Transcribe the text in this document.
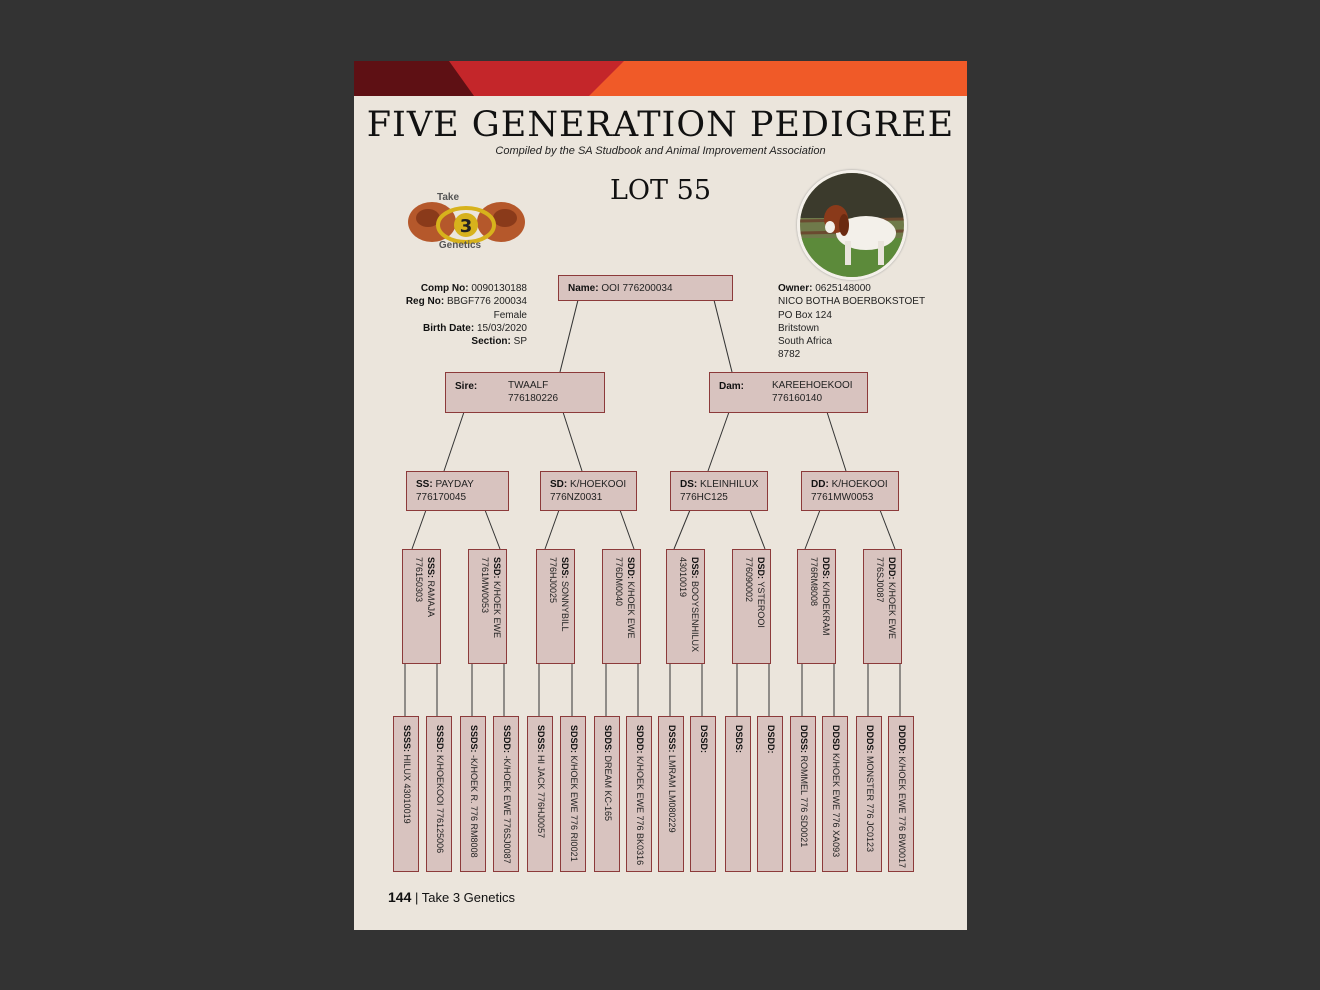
FIVE GENERATION PEDIGREE
Compiled by the SA Studbook and Animal Improvement Association
LOT 55
3
Take
Genetics
Comp No: 0090130188
Reg No: BBGF776 200034
Female
Birth Date: 15/03/2020
Section: SP
Owner: 0625148000
NICO BOTHA BOERBOKSTOET
PO Box 124
Britstown
South Africa
8782
Name: OOI 776200034
Sire:	TWAALF
776180226
Dam:	KAREEHOEKOOI
776160140
SS: PAYDAY
776170045
SD: K/HOEKOOI
776NZ0031
DS: KLEINHILUX
776HC125
DD: K/HOEKOOI
7761MW0053
SSS: RAMAJA
776150303	SSD: K/HOEK EWE
7761MW0053	SDS: SONNYBILL
776HJ0025	SDD: K/HOEK EWE
776DM0040	DSS: BOOYSENHILUX
43010019	DSD: YSTEROOI
776090002	DDS: K/HOEKRAM
776RM8008	DDD: K/HOEK EWE
776SJ0087
SSSS: HILUX 43010019
SSSD: K/HOEKOOI 776125006
SSDS: -K/HOEK R. 776 RM8008
SSDD: -K/HOEK EWE 776SJ0087
SDSS: HI JACK 776HJ0057
SDSD: K/HOEK EWE 776 RI0021
SDDS: DREAM KC-165
SDDD: K/HOEK EWE 776 BK0316
DSSS: LMRAM LM080229
DSSD:	DSDS: DSDD:	DDSS: ROMMEL 776 SD0021
DDSD K/HOEK EWE 776 XA093
DDDS: MONSTER 776 JC0123
DDDD: K/HOEK EWE 776 BW0017
144 | Take 3 Genetics
